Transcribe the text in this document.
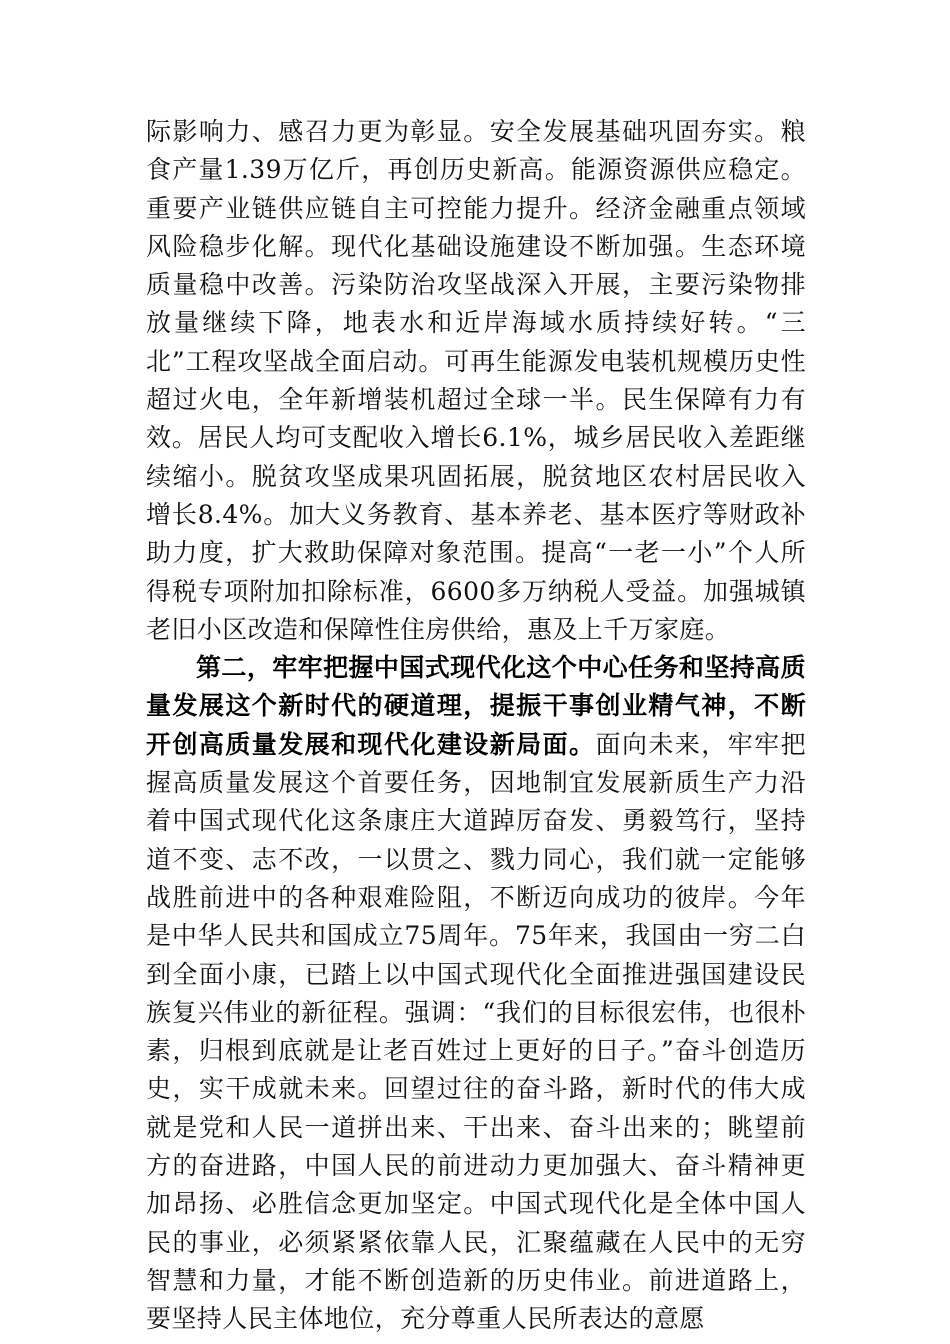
际影响力、感召力更为彰显。安全发展基础巩固夯实。粮食产量1.39万亿斤，再创历史新高。能源资源供应稳定。重要产业链供应链自主可控能力提升。经济金融重点领域风险稳步化解。现代化基础设施建设不断加强。生态环境质量稳中改善。污染防治攻坚战深入开展，主要污染物排放量继续下降，地表水和近岸海域水质持续好转。“三北”工程攻坚战全面启动。可再生能源发电装机规模历史性超过火电，全年新增装机超过全球一半。民生保障有力有效。居民人均可支配收入增长6.1%，城乡居民收入差距继续缩小。脱贫攻坚成果巩固拓展，脱贫地区农村居民收入增长8.4%。加大义务教育、基本养老、基本医疗等财政补助力度，扩大救助保障对象范围。提高“一老一小”个人所得税专项附加扣除标准，6600多万纳税人受益。加强城镇老旧小区改造和保障性住房供给，惠及上千万家庭。

第二，牢牢把握中国式现代化这个中心任务和坚持高质量发展这个新时代的硬道理，提振干事创业精气神，不断开创高质量发展和现代化建设新局面。面向未来，牢牢把握高质量发展这个首要任务，因地制宜发展新质生产力沿着中国式现代化这条康庄大道踔厉奋发、勇毅笃行，坚持道不变、志不改，一以贯之、戮力同心，我们就一定能够战胜前进中的各种艰难险阻，不断迈向成功的彼岸。今年是中华人民共和国成立75周年。75年来，我国由一穷二白到全面小康，已踏上以中国式现代化全面推进强国建设民族复兴伟业的新征程。强调：“我们的目标很宏伟，也很朴素，归根到底就是让老百姓过上更好的日子。”奋斗创造历史，实干成就未来。回望过往的奋斗路，新时代的伟大成就是党和人民一道拼出来、干出来、奋斗出来的；眺望前方的奋进路，中国人民的前进动力更加强大、奋斗精神更加昂扬、必胜信念更加坚定。中国式现代化是全体中国人民的事业，必须紧紧依靠人民，汇聚蕴藏在人民中的无穷智慧和力量，才能不断创造新的历史伟业。前进道路上，要坚持人民主体地位，充分尊重人民所表达的意愿
